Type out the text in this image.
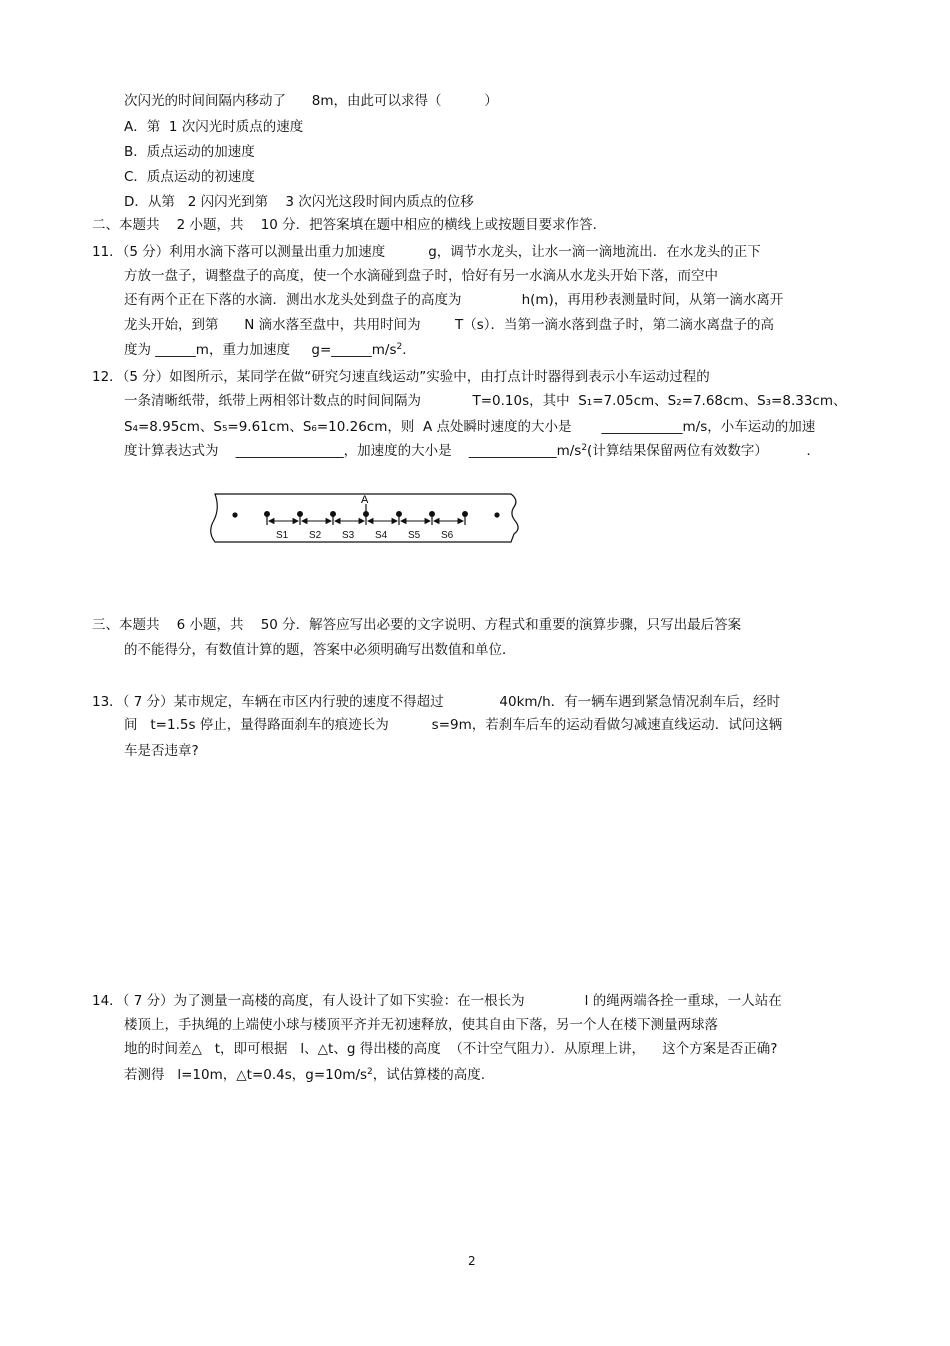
次闪光的时间间隔内移动了      8m，由此可以求得（          ）
A．第  1 次闪光时质点的速度
B．质点运动的加速度
C．质点运动的初速度
D．从第   2 闪闪光到第    3 次闪光这段时间内质点的位移
二、本题共    2 小题，共    10 分．把答案填在题中相应的横线上或按题目要求作答．
11．（5 分）利用水滴下落可以测量出重力加速度          g，调节水龙头，让水一滴一滴地流出．在水龙头的正下
方放一盘子，调整盘子的高度，使一个水滴碰到盘子时，恰好有另一水滴从水龙头开始下落，而空中
还有两个正在下落的水滴．测出水龙头处到盘子的高度为              h(m)，再用秒表测量时间，从第一滴水离开
龙头开始，到第      N 滴水落至盘中，共用时间为        T（s）．当第一滴水落到盘子时，第二滴水离盘子的高
度为 ______m，重力加速度     $g=\_\_\_\_\_\_m/s^2$.
12．（5 分）如图所示，某同学在做“研究匀速直线运动”实验中，由打点计时器得到表示小车运动过程的
一条清晰纸带，纸带上两相邻计数点的时间间隔为            T=0.10s，其中  S₁=7.05cm、S₂=7.68cm、S₃=8.33cm、
S₄=8.95cm、S₅=9.61cm、S₆=10.26cm，则  A 点处瞬时速度的大小是       ____________m/s，小车运动的加速
度计算表达式为    ________________，加速度的大小是    $\_\_\_\_\_\_\_\_\_\_\_\_\_m/s^2$(计算结果保留两位有效数字）         .
A
S1 S2 S3 S4 S5 S6
三、本题共    6 小题，共    50 分．解答应写出必要的文字说明、方程式和重要的演算步骤，只写出最后答案
的不能得分，有数值计算的题，答案中必须明确写出数值和单位．
13．（ 7 分）某市规定，车辆在市区内行驶的速度不得超过             40km/h．有一辆车遇到紧急情况刹车后，经时
间   t=1.5s 停止，量得路面刹车的痕迹长为          s=9m，若刹车后车的运动看做匀减速直线运动．试问这辆
车是否违章?
14．（ 7 分）为了测量一高楼的高度，有人设计了如下实验：在一根长为              l 的绳两端各拴一重球，一人站在
楼顶上，手执绳的上端使小球与楼顶平齐并无初速释放，使其自由下落，另一个人在楼下测量两球落
地的时间差△   t，即可根据   l、△t、g 得出楼的高度  （不计空气阻力）．从原理上讲，    这个方案是否正确?
若测得   l=10m，△t=0.4s，$g=10m/s^2$，试估算楼的高度.
2
